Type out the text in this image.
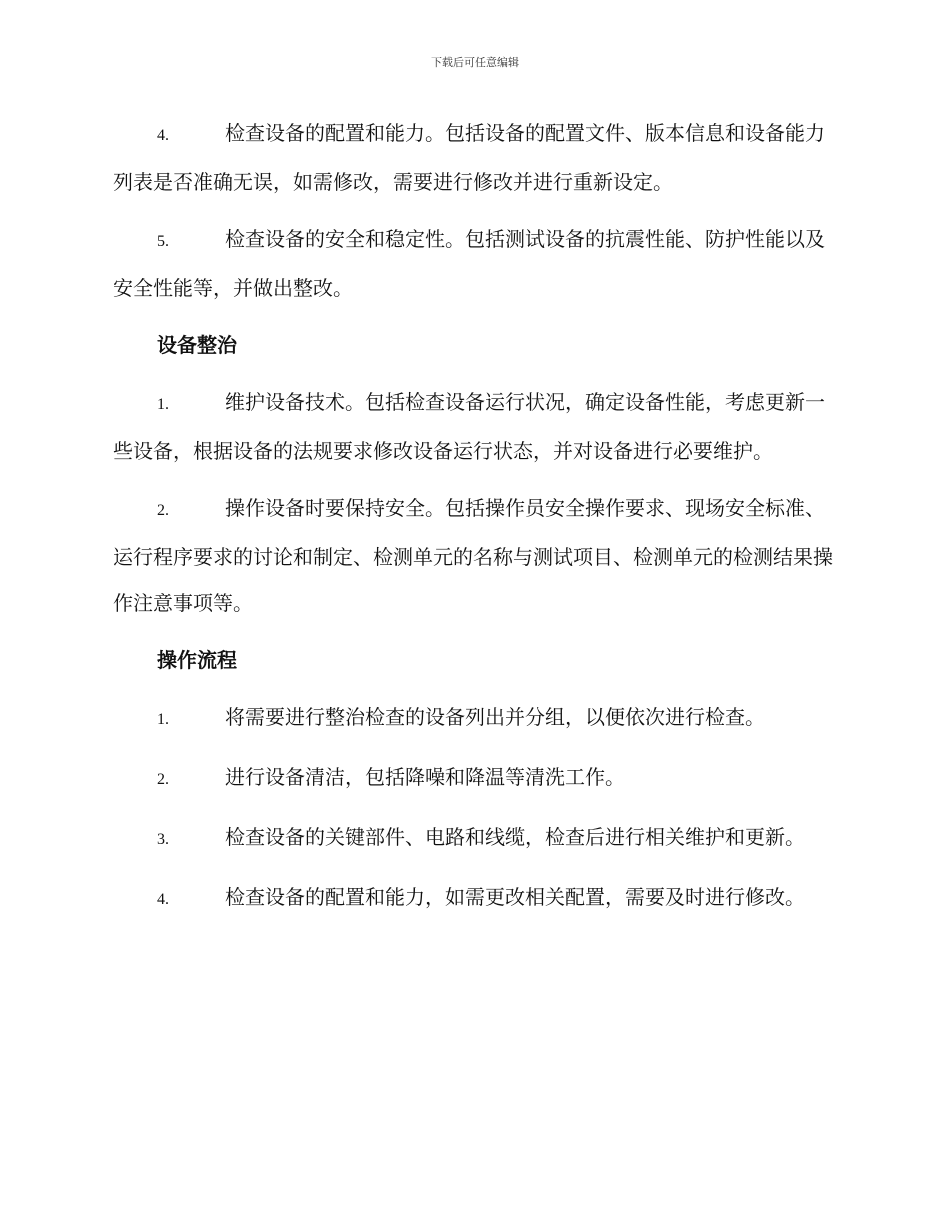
下载后可任意编辑

4.	检查设备的配置和能力。包括设备的配置文件、版本信息和设备能力列表是否准确无误，如需修改，需要进行修改并进行重新设定。

5.	检查设备的安全和稳定性。包括测试设备的抗震性能、防护性能以及安全性能等，并做出整改。

设备整治

1.	维护设备技术。包括检查设备运行状况，确定设备性能，考虑更新一些设备，根据设备的法规要求修改设备运行状态，并对设备进行必要维护。

2.	操作设备时要保持安全。包括操作员安全操作要求、现场安全标准、运行程序要求的讨论和制定、检测单元的名称与测试项目、检测单元的检测结果操作注意事项等。

操作流程

1.	将需要进行整治检查的设备列出并分组，以便依次进行检查。

2.	进行设备清洁，包括降噪和降温等清洗工作。

3.	检查设备的关键部件、电路和线缆，检查后进行相关维护和更新。

4.	检查设备的配置和能力，如需更改相关配置，需要及时进行修改。
